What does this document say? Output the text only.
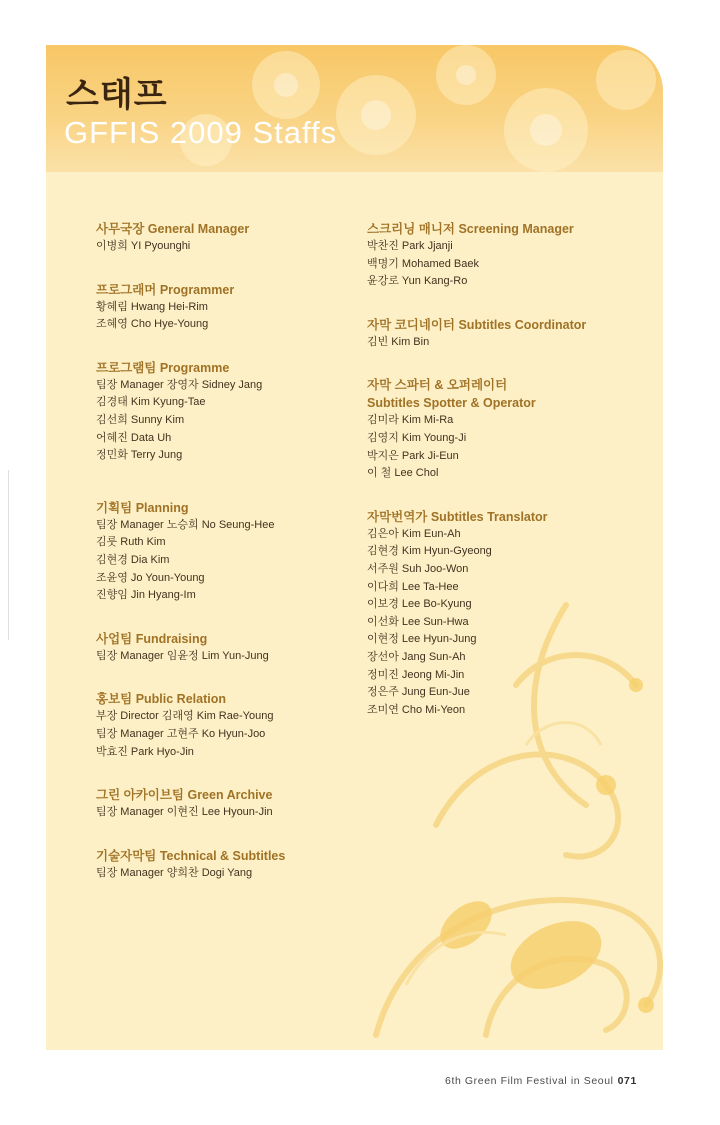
스태프
GFFIS 2009 Staffs

사무국장 General Manager

이병희 YI Pyounghi

프로그래머 Programmer

황혜림 Hwang Hei-Rim

조혜영 Cho Hye-Young

프로그램팀 Programme

팀장 Manager 장영자 Sidney Jang

김경태 Kim Kyung-Tae

김선희 Sunny Kim

어혜진 Data Uh

정민화 Terry Jung

기획팀 Planning

팀장 Manager 노승희 No Seung-Hee

김룻 Ruth Kim

김현경 Dia Kim

조윤영 Jo Youn-Young

진향임 Jin Hyang-Im

사업팀 Fundraising

팀장 Manager 임윤정 Lim Yun-Jung

홍보팀 Public Relation

부장 Director 김래영 Kim Rae-Young

팀장 Manager 고현주 Ko Hyun-Joo

박효진 Park Hyo-Jin

그린 아카이브팀 Green Archive

팀장 Manager 이현진 Lee Hyoun-Jin

기술자막팀 Technical & Subtitles

팀장 Manager 양희찬 Dogi Yang

스크리닝 매니저 Screening Manager

박찬진 Park Jjanji

백명기 Mohamed Baek

윤강로 Yun Kang-Ro

자막 코디네이터 Subtitles Coordinator

김빈 Kim Bin

자막 스파터 & 오퍼레이터

Subtitles Spotter & Operator

김미라 Kim Mi-Ra

김영지 Kim Young-Ji

박지은 Park Ji-Eun

이 철 Lee Chol

자막번역가 Subtitles Translator

김은아 Kim Eun-Ah

김현경 Kim Hyun-Gyeong

서주원 Suh Joo-Won

이다희 Lee Ta-Hee

이보경 Lee Bo-Kyung

이선화 Lee Sun-Hwa

이현정 Lee Hyun-Jung

장선아 Jang Sun-Ah

정미진 Jeong Mi-Jin

정은주 Jung Eun-Jue

조미연 Cho Mi-Yeon

6th Green Film Festival in Seoul 071
